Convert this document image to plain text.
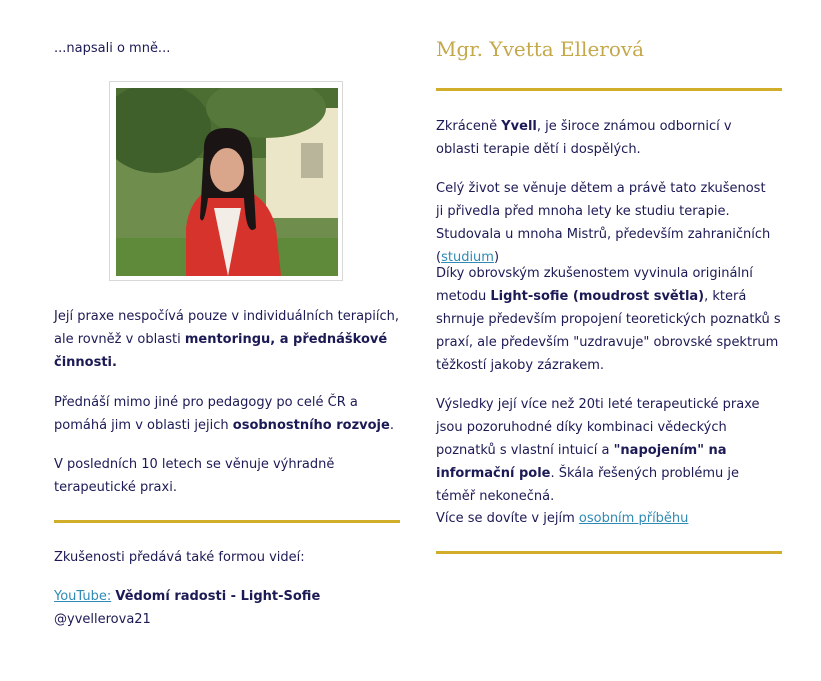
...napsali o mně...

Její praxe nespočívá pouze v individuálních terapiích, ale rovněž v oblasti mentoringu, a přednáškové činnosti.

Přednáší mimo jiné pro pedagogy po celé ČR a pomáhá jim v oblasti jejich osobnostního rozvoje.

V posledních 10 letech se věnuje výhradně terapeutické praxi.

Zkušenosti předává také formou videí:

YouTube: Vědomí radosti - Light-Sofie

@yvellerova21

Mgr. Yvetta Ellerová

Zkráceně Yvell, je široce známou odbornicí v oblasti terapie dětí i dospělých.

Celý život se věnuje dětem a právě tato zkušenost ji přivedla před mnoha lety ke studiu terapie. Studovala u mnoha Mistrů, především zahraničních (studium)

Díky obrovským zkušenostem vyvinula originální metodu Light-sofie (moudrost světla), která shrnuje především propojení teoretických poznatků s praxí, ale především "uzdravuje" obrovské spektrum těžkostí jakoby zázrakem.

Výsledky její více než 20ti leté terapeutické praxe jsou pozoruhodné díky kombinaci vědeckých poznatků s vlastní intuicí a "napojením" na informační pole. Škála řešených problému je téměř nekonečná.

Více se dovíte v jejím osobním příběhu
